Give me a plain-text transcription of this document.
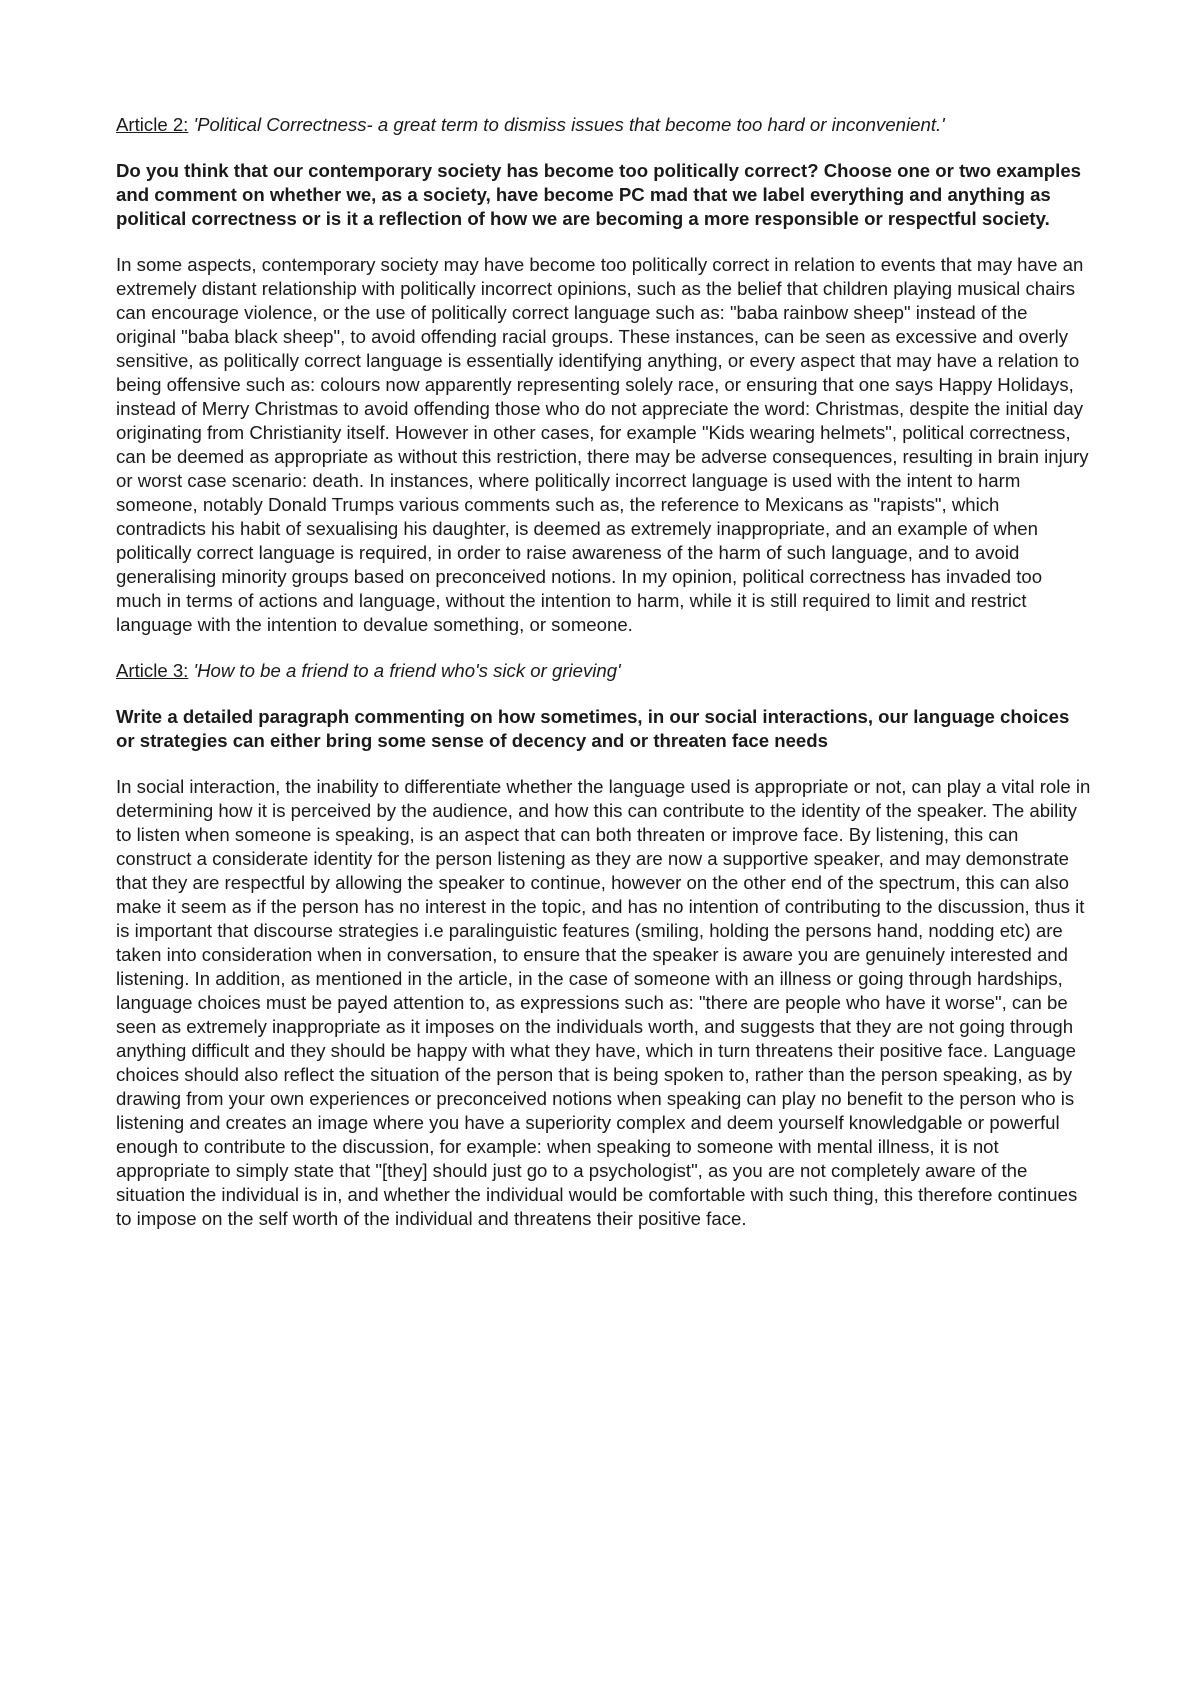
Article 2: 'Political Correctness- a great term to dismiss issues that become too hard or inconvenient.'

Do you think that our contemporary society has become too politically correct? Choose one or two examples and comment on whether we, as a society, have become PC mad that we label everything and anything as political correctness or is it a reflection of how we are becoming a more responsible or respectful society.

In some aspects, contemporary society may have become too politically correct in relation to events that may have an extremely distant relationship with politically incorrect opinions, such as the belief that children playing musical chairs can encourage violence, or the use of politically correct language such as: "baba rainbow sheep" instead of the original "baba black sheep", to avoid offending racial groups. These instances, can be seen as excessive and overly sensitive, as politically correct language is essentially identifying anything, or every aspect that may have a relation to being offensive such as: colours now apparently representing solely race, or ensuring that one says Happy Holidays, instead of Merry Christmas to avoid offending those who do not appreciate the word: Christmas, despite the initial day originating from Christianity itself. However in other cases, for example "Kids wearing helmets", political correctness, can be deemed as appropriate as without this restriction, there may be adverse consequences, resulting in brain injury or worst case scenario: death. In instances, where politically incorrect language is used with the intent to harm someone, notably Donald Trumps various comments such as, the reference to Mexicans as "rapists", which contradicts his habit of sexualising his daughter, is deemed as extremely inappropriate, and an example of when politically correct language is required, in order to raise awareness of the harm of such language, and to avoid generalising minority groups based on preconceived notions. In my opinion, political correctness has invaded too much in terms of actions and language, without the intention to harm, while it is still required to limit and restrict language with the intention to devalue something, or someone.

Article 3: 'How to be a friend to a friend who's sick or grieving'

Write a detailed paragraph commenting on how sometimes, in our social interactions, our language choices or strategies can either bring some sense of decency and or threaten face needs

In social interaction, the inability to differentiate whether the language used is appropriate or not, can play a vital role in determining how it is perceived by the audience, and how this can contribute to the identity of the speaker. The ability to listen when someone is speaking, is an aspect that can both threaten or improve face. By listening, this can construct a considerate identity for the person listening as they are now a supportive speaker, and may demonstrate that they are respectful by allowing the speaker to continue, however on the other end of the spectrum, this can also make it seem as if the person has no interest in the topic, and has no intention of contributing to the discussion, thus it is important that discourse strategies i.e paralinguistic features (smiling, holding the persons hand, nodding etc) are taken into consideration when in conversation, to ensure that the speaker is aware you are genuinely interested and listening. In addition, as mentioned in the article, in the case of someone with an illness or going through hardships, language choices must be payed attention to, as expressions such as: "there are people who have it worse", can be seen as extremely inappropriate as it imposes on the individuals worth, and suggests that they are not going through anything difficult and they should be happy with what they have, which in turn threatens their positive face. Language choices should also reflect the situation of the person that is being spoken to, rather than the person speaking, as by drawing from your own experiences or preconceived notions when speaking can play no benefit to the person who is listening and creates an image where you have a superiority complex and deem yourself knowledgable or powerful enough to contribute to the discussion, for example: when speaking to someone with mental illness, it is not appropriate to simply state that "[they] should just go to a psychologist", as you are not completely aware of the situation the individual is in, and whether the individual would be comfortable with such thing, this therefore continues to impose on the self worth of the individual and threatens their positive face.
